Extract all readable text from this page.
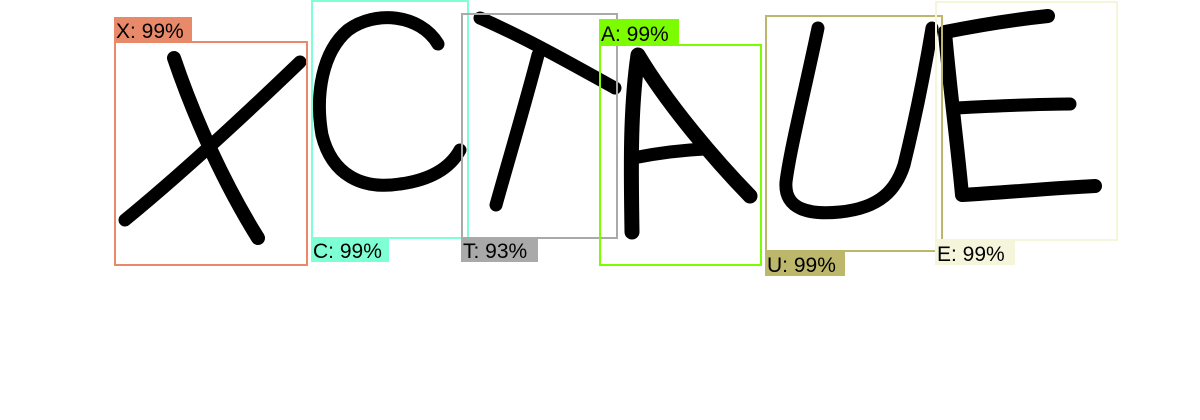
X: 99%
C: 99%	T: 93%
A: 99%
U: 99%	E: 99%
